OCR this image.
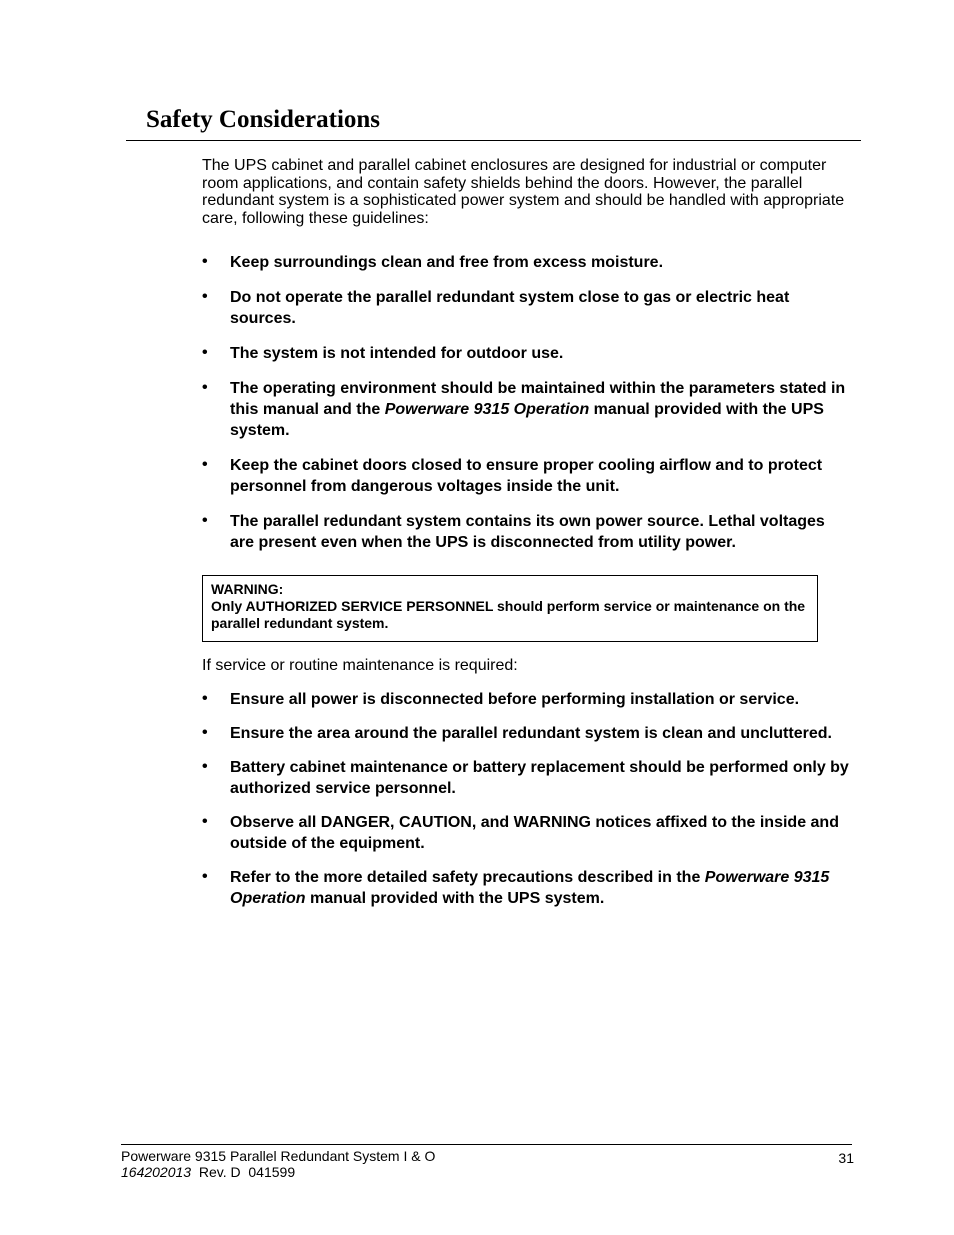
Safety Considerations

The UPS cabinet and parallel cabinet enclosures are designed for industrial or computer room applications, and contain safety shields behind the doors. However, the parallel redundant system is a sophisticated power system and should be handled with appropriate care, following these guidelines:

• Keep surroundings clean and free from excess moisture.
• Do not operate the parallel redundant system close to gas or electric heat sources.
• The system is not intended for outdoor use.
• The operating environment should be maintained within the parameters stated in this manual and the Powerware 9315 Operation manual provided with the UPS system.
• Keep the cabinet doors closed to ensure proper cooling airflow and to protect personnel from dangerous voltages inside the unit.
• The parallel redundant system contains its own power source. Lethal voltages are present even when the UPS is disconnected from utility power.
WARNING:
Only AUTHORIZED SERVICE PERSONNEL should perform service or maintenance on the parallel redundant system.

If service or routine maintenance is required:

• Ensure all power is disconnected before performing installation or service.
• Ensure the area around the parallel redundant system is clean and uncluttered.
• Battery cabinet maintenance or battery replacement should be performed only by authorized service personnel.
• Observe all DANGER, CAUTION, and WARNING notices affixed to the inside and outside of the equipment.
• Refer to the more detailed safety precautions described in the Powerware 9315 Operation manual provided with the UPS system.
Powerware 9315 Parallel Redundant System I & O
164202013  Rev. D  041599
31
